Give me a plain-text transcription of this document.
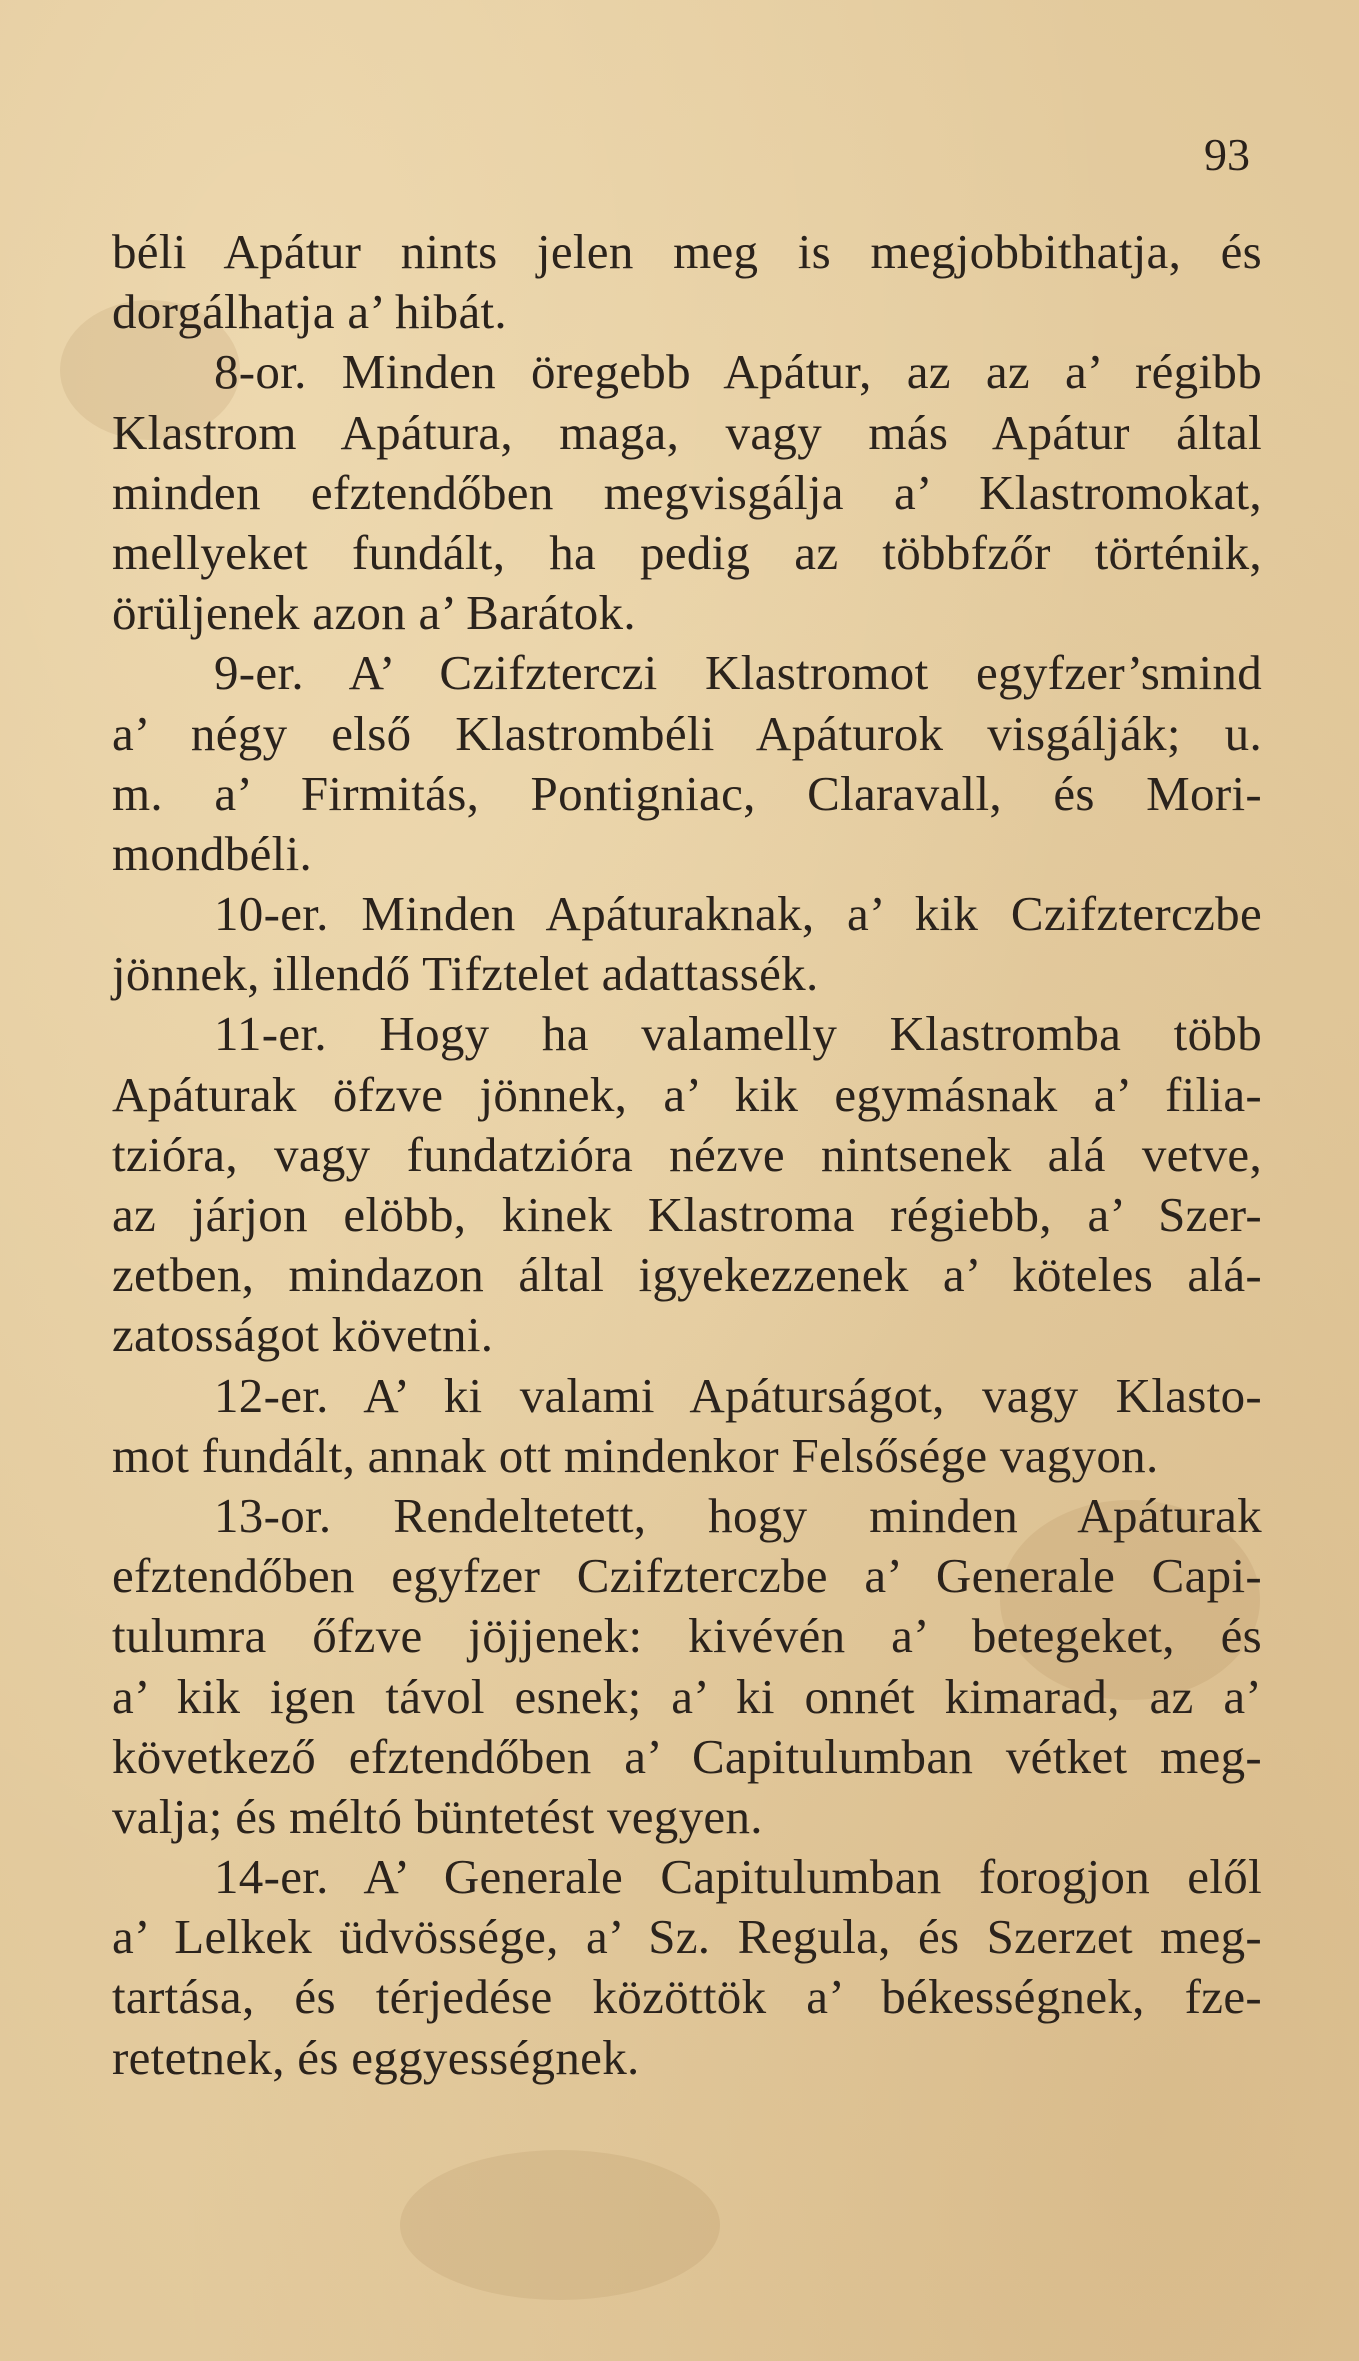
93
béli Apátur nints jelen meg is megjobbithatja, és
dorgálhatja a’ hibát.
8-or. Minden öregebb Apátur, az az a’ régibb
Klastrom Apátura, maga, vagy más Apátur által
minden efztendőben megvisgálja a’ Klastromokat,
mellyeket fundált, ha pedig az többfzőr történik,
örüljenek azon a’ Barátok.
9-er. A’ Czifzterczi Klastromot egyfzer’smind
a’ négy első Klastrombéli Apáturok visgálják; u.
m. a’ Firmitás, Pontigniac, Claravall, és Mori-
mondbéli.
10-er. Minden Apáturaknak, a’ kik Czifzterczbe
jönnek, illendő Tifztelet adattassék.
11-er. Hogy ha valamelly Klastromba több
Apáturak öfzve jönnek, a’ kik egymásnak a’ filia-
tzióra, vagy fundatzióra nézve nintsenek alá vetve,
az járjon elöbb, kinek Klastroma régiebb, a’ Szer-
zetben, mindazon által igyekezzenek a’ köteles alá-
zatosságot követni.
12-er. A’ ki valami Apáturságot, vagy Klasto-
mot fundált, annak ott mindenkor Felsősége vagyon.
13-or. Rendeltetett, hogy minden Apáturak
efztendőben egyfzer Czifzterczbe a’ Generale Capi-
tulumra őfzve jöjjenek: kivévén a’ betegeket, és
a’ kik igen távol esnek; a’ ki onnét kimarad, az a’
következő efztendőben a’ Capitulumban vétket meg-
valja; és méltó büntetést vegyen.
14-er. A’ Generale Capitulumban forogjon elől
a’ Lelkek üdvössége, a’ Sz. Regula, és Szerzet meg-
tartása, és térjedése közöttök a’ békességnek, fze-
retetnek, és eggyességnek.
